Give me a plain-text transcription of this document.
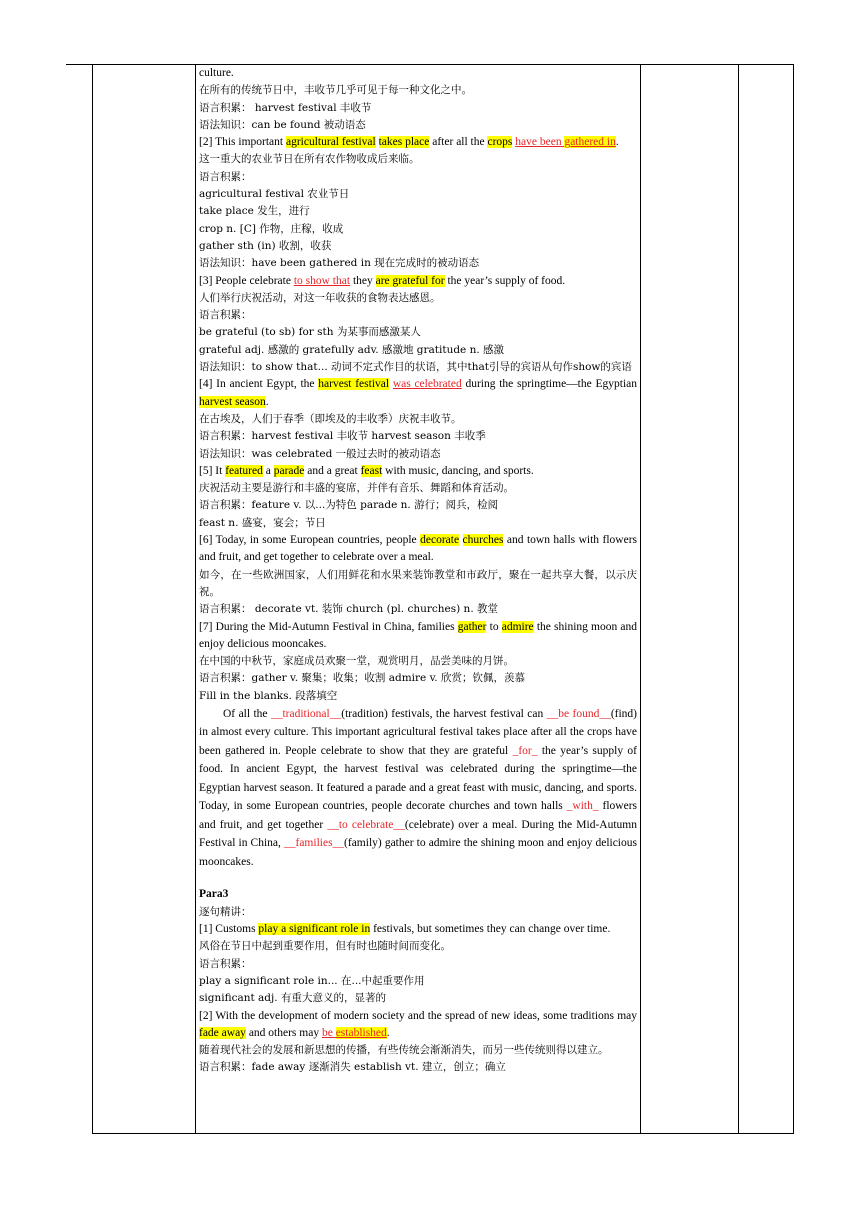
culture.

在所有的传统节日中，丰收节几乎可见于每一种文化之中。

语言积累： harvest festival 丰收节

语法知识：can be found 被动语态

[2] This important agricultural festival takes place after all the crops have been gathered in.

这一重大的农业节日在所有农作物收成后来临。

语言积累：

agricultural festival 农业节日

take place 发生，进行

crop n. [C] 作物，庄稼，收成

gather sth (in) 收割，收获

语法知识：have been gathered in 现在完成时的被动语态

[3] People celebrate to show that they are grateful for the year’s supply of food.

人们举行庆祝活动，对这一年收获的食物表达感恩。

语言积累：

be grateful (to sb) for sth 为某事而感激某人

grateful adj. 感激的 gratefully adv. 感激地 gratitude n. 感激

语法知识：to show that... 动词不定式作目的状语，其中that引导的宾语从句作show的宾语

[4] In ancient Egypt, the harvest festival was celebrated during the springtime—the Egyptian harvest season.

在古埃及，人们于春季（即埃及的丰收季）庆祝丰收节。

语言积累：harvest festival 丰收节 harvest season 丰收季

语法知识：was celebrated 一般过去时的被动语态

[5] It featured a parade and a great feast with music, dancing, and sports.

庆祝活动主要是游行和丰盛的宴席，并伴有音乐、舞蹈和体育活动。

语言积累：feature v. 以...为特色 parade n. 游行；阅兵，检阅

feast n. 盛宴，宴会；节日

[6] Today, in some European countries, people decorate churches and town halls with flowers and fruit, and get together to celebrate over a meal.

如今，在一些欧洲国家，人们用鲜花和水果来装饰教堂和市政厅，聚在一起共享大餐，以示庆祝。

语言积累： decorate vt. 装饰 church (pl. churches) n. 教堂

[7] During the Mid-Autumn Festival in China, families gather to admire the shining moon and enjoy delicious mooncakes.

在中国的中秋节，家庭成员欢聚一堂，观赏明月，品尝美味的月饼。

语言积累：gather v. 聚集；收集；收割 admire v. 欣赏；钦佩，羡慕

Fill in the blanks. 段落填空

Of all the __traditional__(tradition) festivals, the harvest festival can __be found__(find) in almost every culture. This important agricultural festival takes place after all the crops have been gathered in. People celebrate to show that they are grateful _for_ the year’s supply of food. In ancient Egypt, the harvest festival was celebrated during the springtime—the Egyptian harvest season. It featured a parade and a great feast with music, dancing, and sports. Today, in some European countries, people decorate churches and town halls _with_ flowers and fruit, and get together __to celebrate__(celebrate) over a meal. During the Mid-Autumn Festival in China, __families__(family) gather to admire the shining moon and enjoy delicious mooncakes.

Para3

逐句精讲：

[1] Customs play a significant role in festivals, but sometimes they can change over time.

风俗在节日中起到重要作用，但有时也随时间而变化。

语言积累：

play a significant role in... 在...中起重要作用

significant adj. 有重大意义的，显著的

[2] With the development of modern society and the spread of new ideas, some traditions may fade away and others may be established.

随着现代社会的发展和新思想的传播，有些传统会渐渐消失，而另一些传统则得以建立。

语言积累：fade away 逐渐消失 establish vt. 建立，创立；确立
